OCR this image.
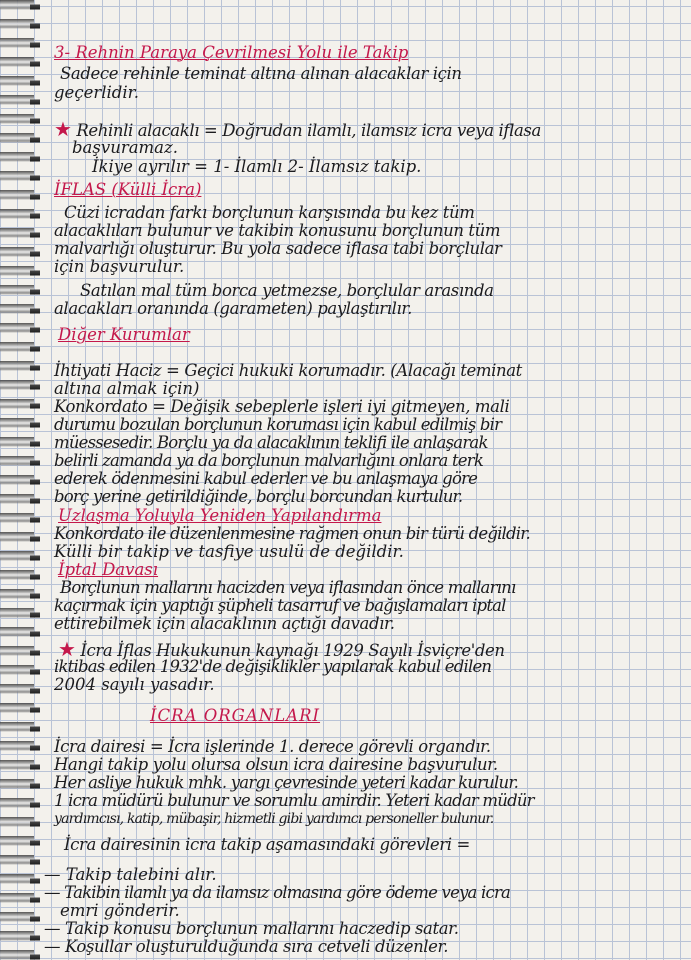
3- Rehnin Paraya Çevrilmesi Yolu ile Takip
Sadece rehinle teminat altına alınan alacaklar için
geçerlidir.
★ Rehinli alacaklı = Doğrudan ilamlı, ilamsız icra veya iflasa
başvuramaz.
İkiye ayrılır = 1- İlamlı 2- İlamsız takip.
İFLAS (Külli İcra)
Cüzi icradan farkı borçlunun karşısında bu kez tüm
alacaklıları bulunur ve takibin konusunu borçlunun tüm
malvarlığı oluşturur. Bu yola sadece iflasa tabi borçlular
için başvurulur.
Satılan mal tüm borca yetmezse, borçlular arasında
alacakları oranında (garameten) paylaştırılır.
Diğer Kurumlar
İhtiyati Haciz = Geçici hukuki korumadır. (Alacağı teminat
altına almak için)
Konkordato = Değişik sebeplerle işleri iyi gitmeyen, mali
durumu bozulan borçlunun koruması için kabul edilmiş bir
müessesedir. Borçlu ya da alacaklının teklifi ile anlaşarak
belirli zamanda ya da borçlunun malvarlığını onlara terk
ederek ödenmesini kabul ederler ve bu anlaşmaya göre
borç yerine getirildiğinde, borçlu borcundan kurtulur.
Uzlaşma Yoluyla Yeniden Yapılandırma
Konkordato ile düzenlenmesine rağmen onun bir türü değildir.
Külli bir takip ve tasfiye usulü de değildir.
İptal Davası
Borçlunun mallarını hacizden veya iflasından önce mallarını
kaçırmak için yaptığı şüpheli tasarruf ve bağışlamaları iptal
ettirebilmek için alacaklının açtığı davadır.
★ İcra İflas Hukukunun kaynağı 1929 Sayılı İsviçre'den
iktibas edilen 1932'de değişiklikler yapılarak kabul edilen
2004 sayılı yasadır.
İCRA ORGANLARI
İcra dairesi = İcra işlerinde 1. derece görevli organdır.
Hangi takip yolu olursa olsun icra dairesine başvurulur.
Her asliye hukuk mhk. yargı çevresinde yeteri kadar kurulur.
1 icra müdürü bulunur ve sorumlu amirdir. Yeteri kadar müdür
yardımcısı, katip, mübaşir, hizmetli gibi yardımcı personeller bulunur.
İcra dairesinin icra takip aşamasındaki görevleri =
— Takip talebini alır.
— Takibin ilamlı ya da ilamsız olmasına göre ödeme veya icra
emri gönderir.
— Takip konusu borçlunun mallarını haczedip satar.
— Koşullar oluşturulduğunda sıra cetveli düzenler.
